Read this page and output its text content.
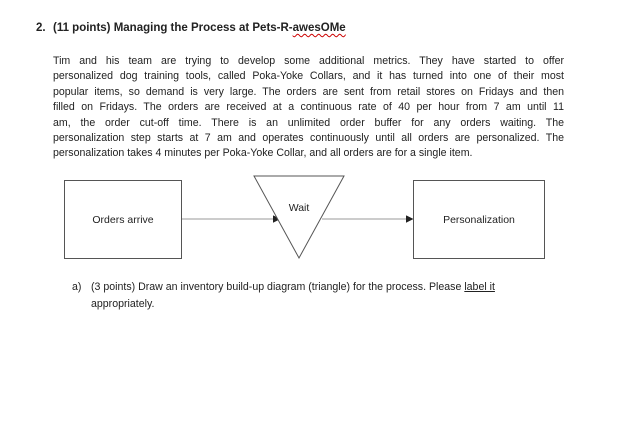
2. (11 points) Managing the Process at Pets-R-awesOMe
Tim and his team are trying to develop some additional metrics. They have started to offer
personalized dog training tools, called Poka-Yoke Collars, and it has turned into one of their most
popular items, so demand is very large. The orders are sent from retail stores on Fridays and then
filled on Fridays. The orders are received at a continuous rate of 40 per hour from 7 am until 11
am, the order cut-off time. There is an unlimited order buffer for any orders waiting. The
personalization step starts at 7 am and operates continuously until all orders are personalized. The
personalization takes 4 minutes per Poka-Yoke Collar, and all orders are for a single item.
Orders arrive
Wait
Personalization
a) (3 points) Draw an inventory build-up diagram (triangle) for the process. Please label it
appropriately.
